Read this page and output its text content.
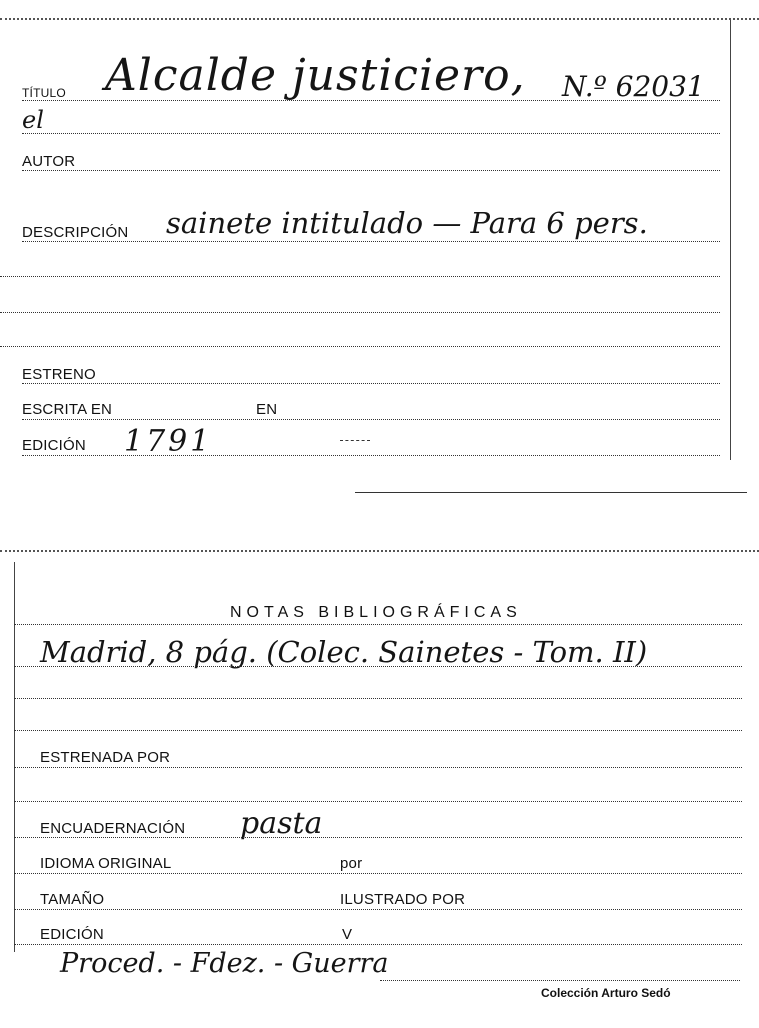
TÍTULO Alcalde justiciero,
el
N.º 62031
AUTOR
DESCRIPCIÓN sainete intitulado — Para 6 pers.
ESTRENO
ESCRITA EN	EN
EDICIÓN 1791
NOTAS BIBLIOGRÁFICAS
Madrid, 8 pág. (Colec. Sainetes - Tom. II)
ESTRENADA POR
ENCUADERNACIÓN pasta
IDIOMA ORIGINAL	por
TAMAÑO	ILUSTRADO POR
EDICIÓN	V
Proced. - Fdez. - Guerra
Colección Arturo Sedó
